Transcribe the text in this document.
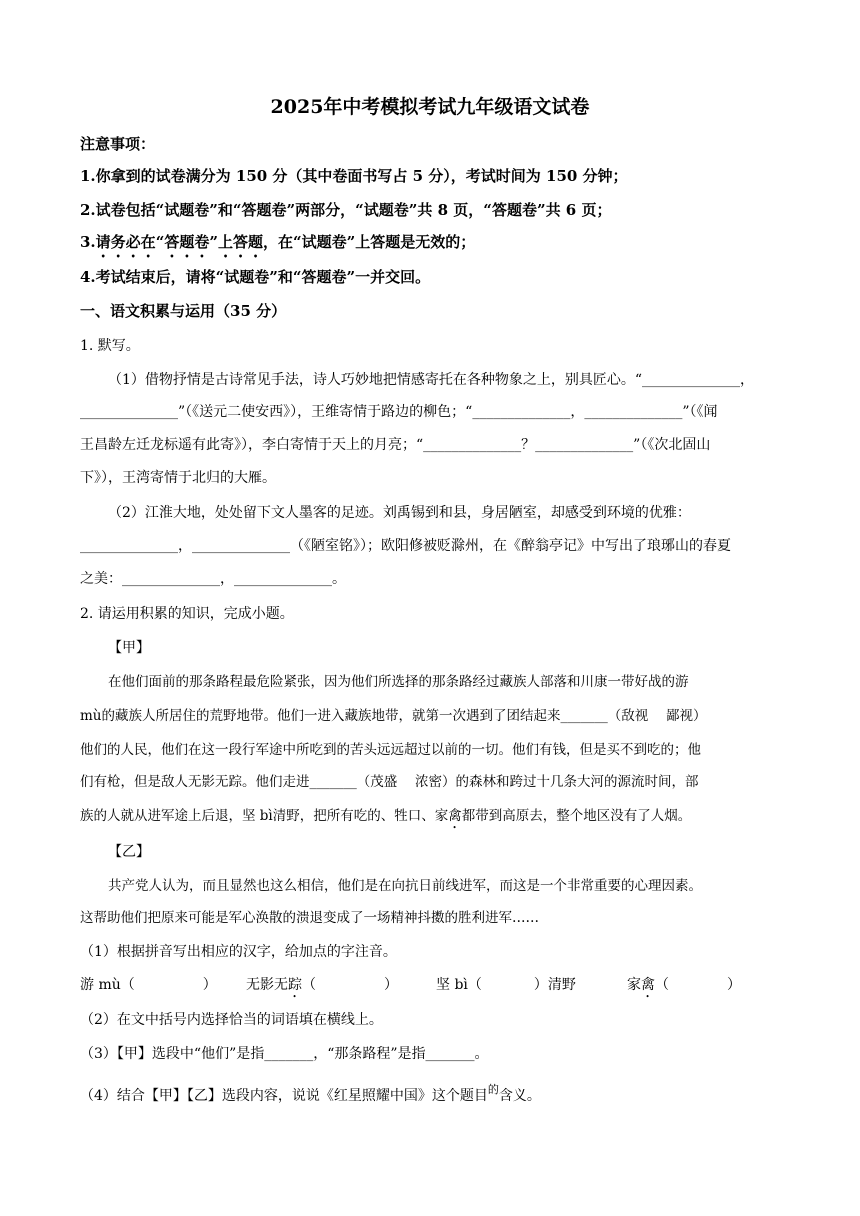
2025年中考模拟考试九年级语文试卷
注意事项：
1.你拿到的试卷满分为 150 分（其中卷面书写占 5 分），考试时间为 150 分钟；
2.试卷包括“试题卷”和“答题卷”两部分，“试题卷”共 8 页，“答题卷”共 6 页；
3.请务必在“答题卷”上答题，在“试题卷”上答题是无效的；
4.考试结束后，请将“试题卷”和“答题卷”一并交回。
一、语文积累与运用（35 分）
1. 默写。
（1）借物抒情是古诗常见手法，诗人巧妙地把情感寄托在各种物象之上，别具匠心。“______________，
______________”（《送元二使安西》），王维寄情于路边的柳色；“______________，______________”（《闻
王昌龄左迁龙标遥有此寄》），李白寄情于天上的月亮；“______________？______________”（《次北固山
下》），王湾寄情于北归的大雁。
（2）江淮大地，处处留下文人墨客的足迹。刘禹锡到和县，身居陋室，却感受到环境的优雅：
______________，______________（《陋室铭》）；欧阳修被贬滁州，在《醉翁亭记》中写出了琅琊山的春夏
之美：______________，______________。
2. 请运用积累的知识，完成小题。
【甲】
在他们面前的那条路程最危险紧张，因为他们所选择的那条路经过藏族人部落和川康一带好战的游
mù的藏族人所居住的荒野地带。他们一进入藏族地带，就第一次遇到了团结起来_______（敌视　 鄙视）
他们的人民，他们在这一段行军途中所吃到的苦头远远超过以前的一切。他们有钱，但是买不到吃的；他
们有枪，但是敌人无影无踪。他们走进_______（茂盛　 浓密）的森林和跨过十几条大河的源流时间，部
族的人就从进军途上后退，坚 bì清野，把所有吃的、牲口、家禽都带到高原去，整个地区没有了人烟。
【乙】
共产党人认为，而且显然也这么相信，他们是在向抗日前线进军，而这是一个非常重要的心理因素。
这帮助他们把原来可能是军心涣散的溃退变成了一场精神抖擞的胜利进军……
（1）根据拼音写出相应的汉字，给加点的字注音。
游 mù（	） 无影无踪（	）	坚 bì（	）清野	家禽（	）
（2）在文中括号内选择恰当的词语填在横线上。
（3）【甲】选段中“他们”是指_______，“那条路程”是指_______。
（4）结合【甲】【乙】选段内容，说说《红星照耀中国》这个题目$^的$含义。
